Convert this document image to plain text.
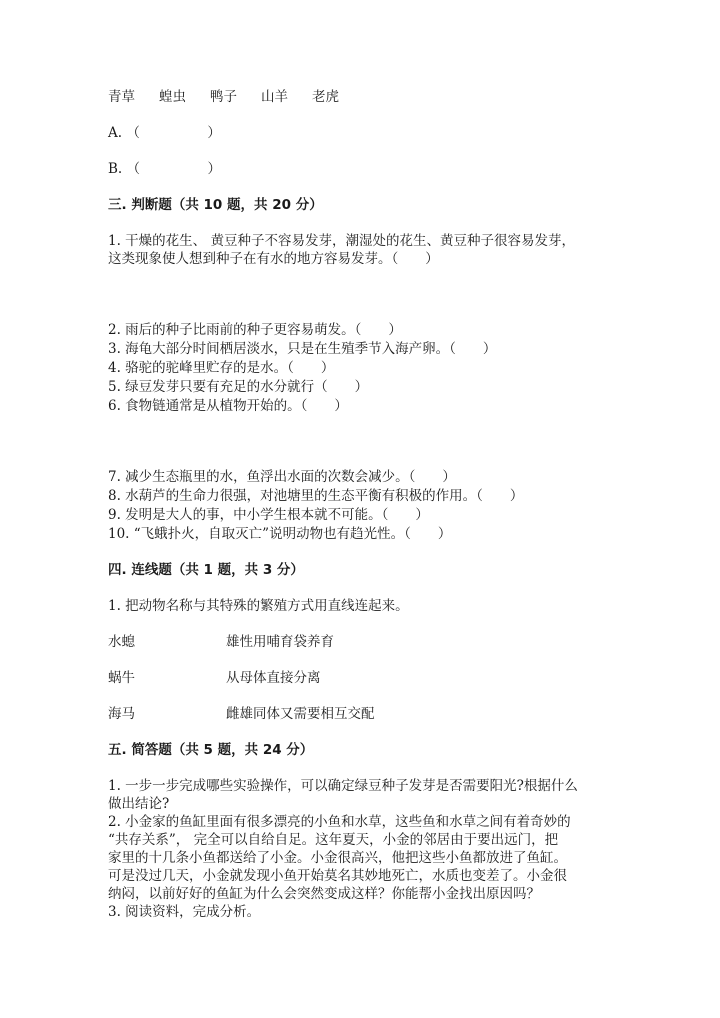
青草 蝗虫 鸭子 山羊 老虎
A. （　　　　　）
B. （　　　　　）
三. 判断题（共 10 题，共 20 分）
1. 干燥的花生、 黄豆种子不容易发芽，潮湿处的花生、黄豆种子很容易发芽，
这类现象使人想到种子在有水的地方容易发芽。（　　）
2. 雨后的种子比雨前的种子更容易萌发。（　　）
3. 海龟大部分时间栖居淡水，只是在生殖季节入海产卵。（　　）
4. 骆驼的驼峰里贮存的是水。（　　）
5. 绿豆发芽只要有充足的水分就行（　　）
6. 食物链通常是从植物开始的。（　　）
7. 减少生态瓶里的水，鱼浮出水面的次数会减少。（　　）
8. 水葫芦的生命力很强，对池塘里的生态平衡有积极的作用。（　　）
9. 发明是大人的事，中小学生根本就不可能。（　　）
10. “飞蛾扑火，自取灭亡”说明动物也有趋光性。（　　）
四. 连线题（共 1 题，共 3 分）
1. 把动物名称与其特殊的繁殖方式用直线连起来。
水螅	雄性用哺育袋养育
蜗牛	从母体直接分离
海马	雌雄同体又需要相互交配
五. 简答题（共 5 题，共 24 分）
1. 一步一步完成哪些实验操作，可以确定绿豆种子发芽是否需要阳光?根据什么
做出结论?
2. 小金家的鱼缸里面有很多漂亮的小鱼和水草，这些鱼和水草之间有着奇妙的
“共存关系”， 完全可以自给自足。这年夏天，小金的邻居由于要出远门，把
家里的十几条小鱼都送给了小金。小金很高兴，他把这些小鱼都放进了鱼缸。
可是没过几天，小金就发现小鱼开始莫名其妙地死亡，水质也变差了。小金很
纳闷，以前好好的鱼缸为什么会突然变成这样？你能帮小金找出原因吗？
3. 阅读资料，完成分析。
